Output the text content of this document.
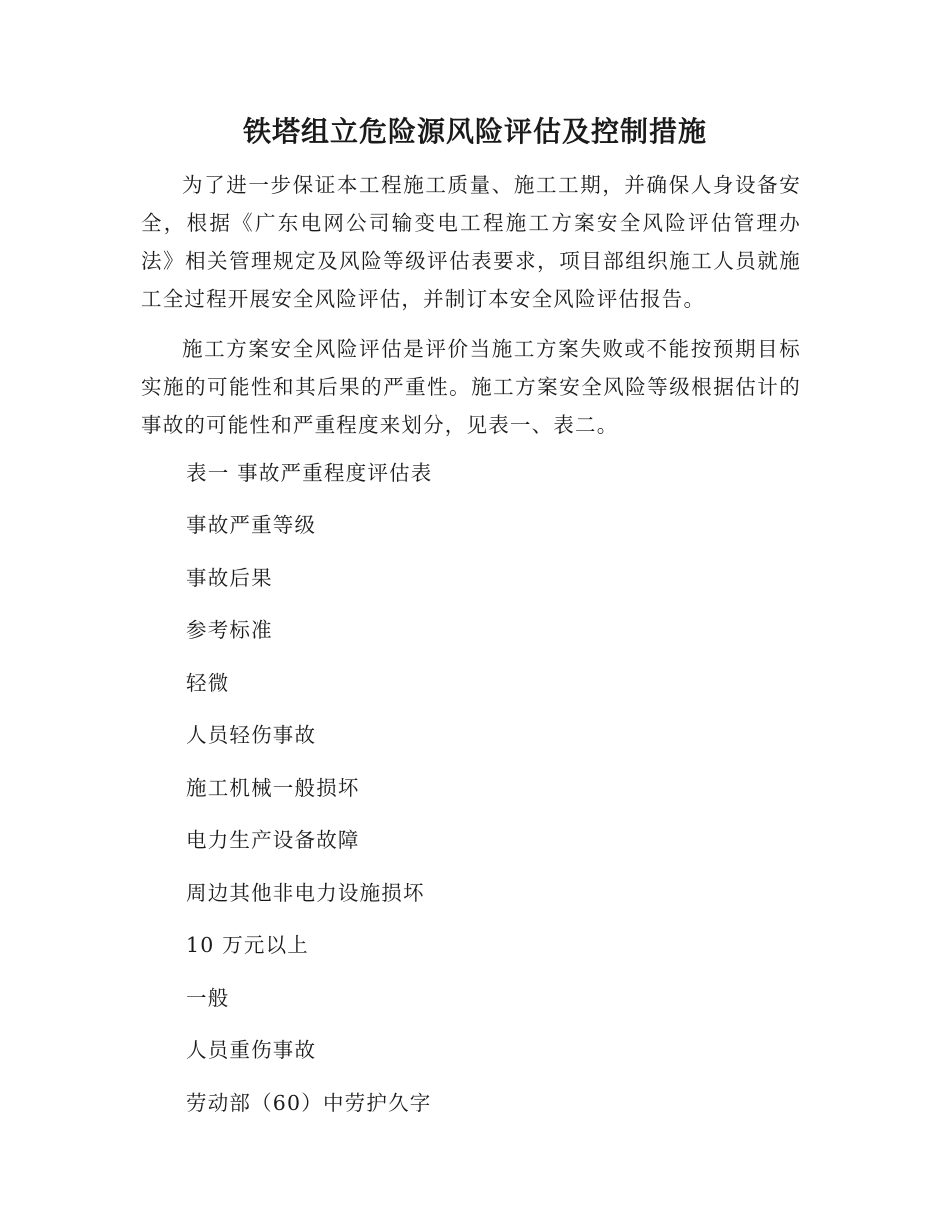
铁塔组立危险源风险评估及控制措施

为了进一步保证本工程施工质量、施工工期，并确保人身设备安全，根据《广东电网公司输变电工程施工方案安全风险评估管理办法》相关管理规定及风险等级评估表要求，项目部组织施工人员就施工全过程开展安全风险评估，并制订本安全风险评估报告。

施工方案安全风险评估是评价当施工方案失败或不能按预期目标实施的可能性和其后果的严重性。施工方案安全风险等级根据估计的事故的可能性和严重程度来划分，见表一、表二。

表一 事故严重程度评估表
事故严重等级
事故后果
参考标准
轻微
人员轻伤事故
施工机械一般损坏
电力生产设备故障
周边其他非电力设施损坏
10 万元以上
一般
人员重伤事故
劳动部（60）中劳护久字
